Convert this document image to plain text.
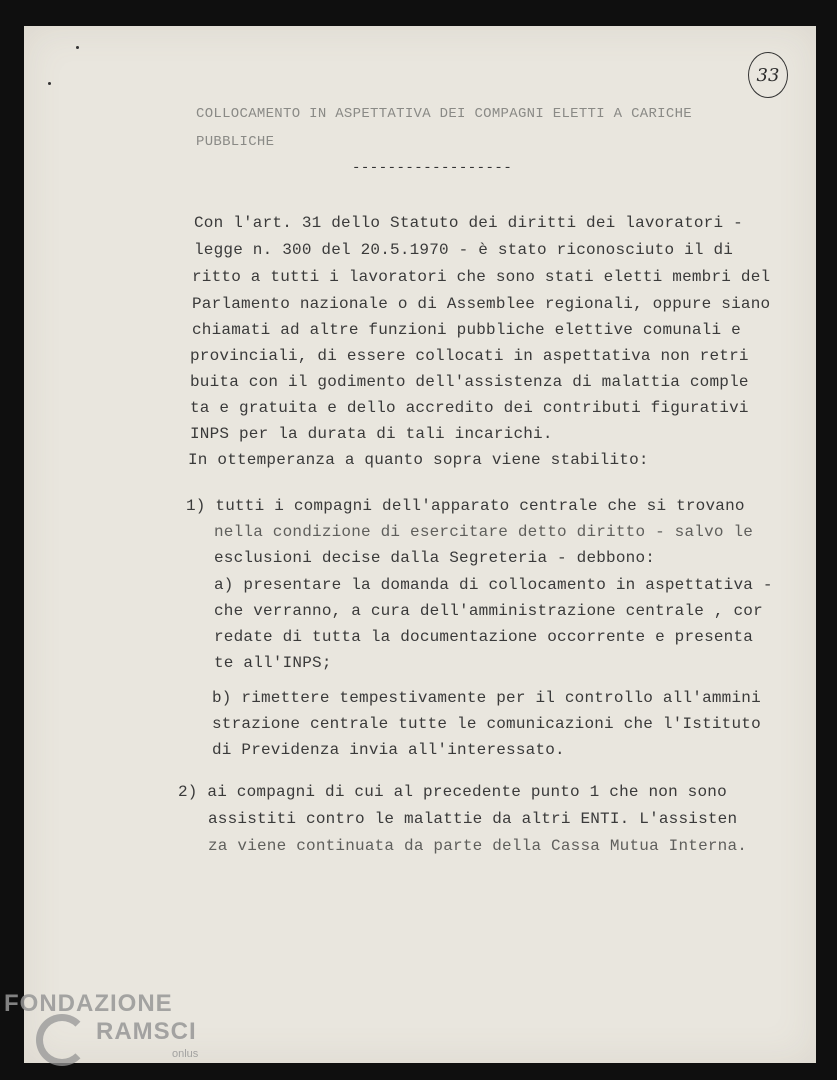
33
COLLOCAMENTO IN ASPETTATIVA DEI COMPAGNI ELETTI A CARICHE
PUBBLICHE
------------------
Con l'art. 31 dello Statuto dei diritti dei lavoratori -
legge n. 300 del 20.5.1970 - è stato riconosciuto il di
ritto a tutti i lavoratori che sono stati eletti membri del
Parlamento nazionale o di Assemblee regionali, oppure siano
chiamati ad altre funzioni pubbliche elettive comunali e
provinciali, di essere collocati in aspettativa non retri
buita con il godimento dell'assistenza di malattia comple
ta e gratuita e dello accredito dei contributi figurativi
INPS per la durata di tali incarichi.
In ottemperanza a quanto sopra viene stabilito:
1) tutti i compagni dell'apparato centrale che si trovano
nella condizione di esercitare detto diritto - salvo le
esclusioni decise dalla Segreteria - debbono:
a) presentare la domanda di collocamento in aspettativa -
che verranno, a cura dell'amministrazione centrale , cor
redate di tutta la documentazione occorrente e presenta
te all'INPS;
b) rimettere tempestivamente per il controllo all'ammini
strazione centrale tutte le comunicazioni che l'Istituto
di Previdenza invia all'interessato.
2) ai compagni di cui al precedente punto 1 che non sono
assistiti contro le malattie da altri ENTI. L'assisten
za viene continuata da parte della Cassa Mutua Interna.
FONDAZIONE
RAMSCI
onlus
